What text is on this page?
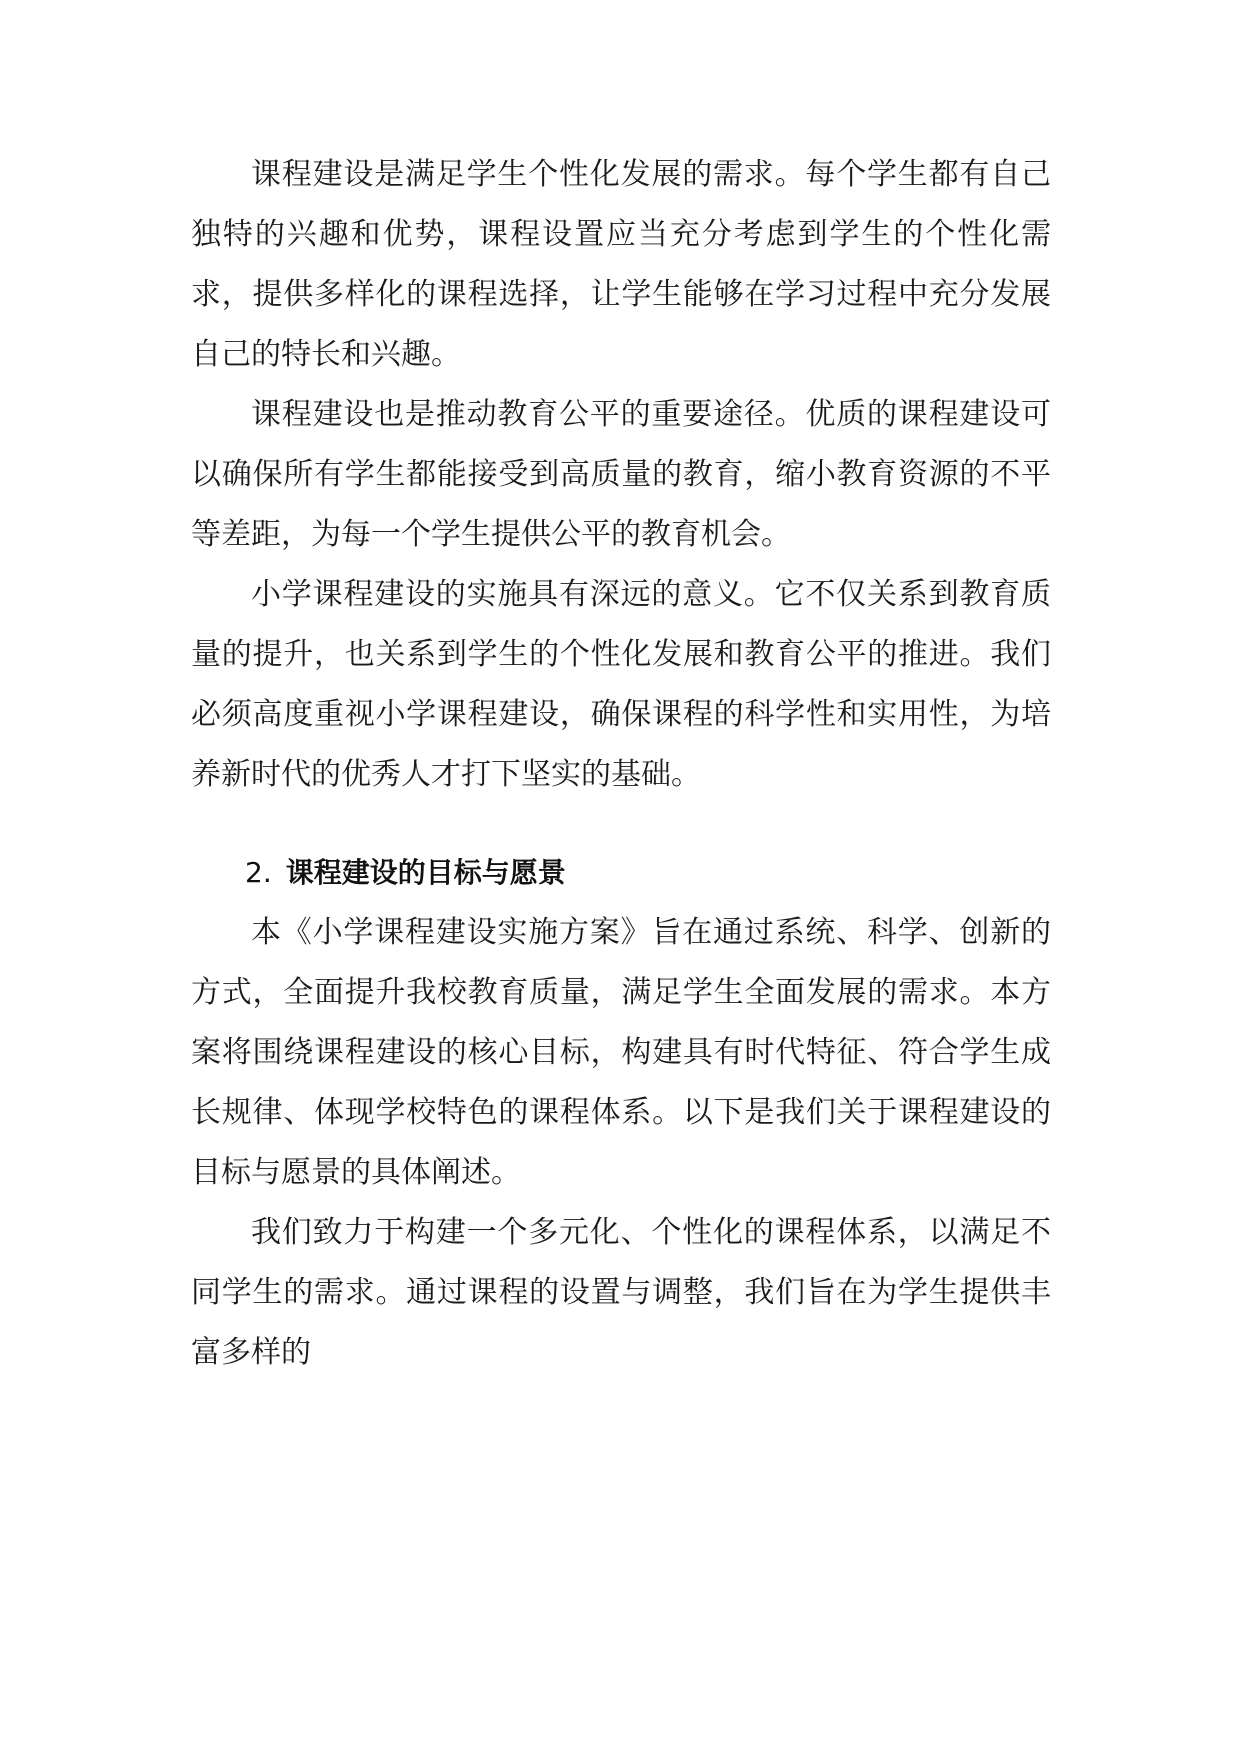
课程建设是满足学生个性化发展的需求。每个学生都有自己独特的兴趣和优势，课程设置应当充分考虑到学生的个性化需求，提供多样化的课程选择，让学生能够在学习过程中充分发展自己的特长和兴趣。

课程建设也是推动教育公平的重要途径。优质的课程建设可以确保所有学生都能接受到高质量的教育，缩小教育资源的不平等差距，为每一个学生提供公平的教育机会。

小学课程建设的实施具有深远的意义。它不仅关系到教育质量的提升，也关系到学生的个性化发展和教育公平的推进。我们必须高度重视小学课程建设，确保课程的科学性和实用性，为培养新时代的优秀人才打下坚实的基础。

2. 课程建设的目标与愿景

本《小学课程建设实施方案》旨在通过系统、科学、创新的方式，全面提升我校教育质量，满足学生全面发展的需求。本方案将围绕课程建设的核心目标，构建具有时代特征、符合学生成长规律、体现学校特色的课程体系。以下是我们关于课程建设的目标与愿景的具体阐述。

我们致力于构建一个多元化、个性化的课程体系，以满足不同学生的需求。通过课程的设置与调整，我们旨在为学生提供丰富多样的
